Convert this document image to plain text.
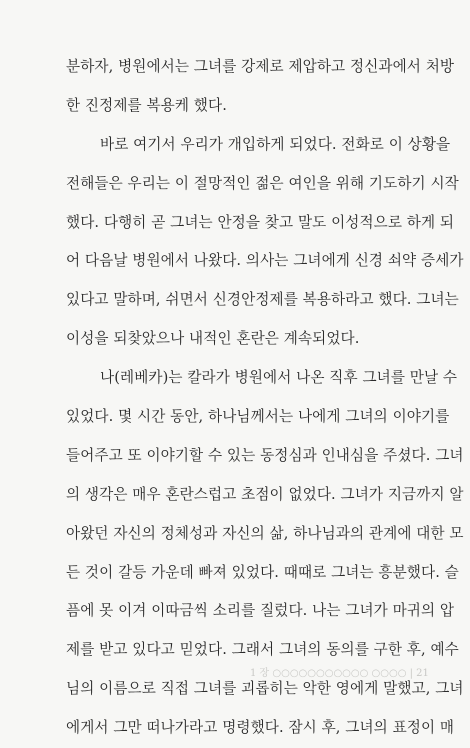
분하자, 병원에서는 그녀를 강제로 제압하고 정신과에서 처방
한 진정제를 복용케 했다.
바로 여기서 우리가 개입하게 되었다. 전화로 이 상황을
전해들은 우리는 이 절망적인 젊은 여인을 위해 기도하기 시작
했다. 다행히 곧 그녀는 안정을 찾고 말도 이성적으로 하게 되
어 다음날 병원에서 나왔다. 의사는 그녀에게 신경 쇠약 증세가
있다고 말하며, 쉬면서 신경안정제를 복용하라고 했다. 그녀는
이성을 되찾았으나 내적인 혼란은 계속되었다.
나(레베카)는 칼라가 병원에서 나온 직후 그녀를 만날 수
있었다. 몇 시간 동안, 하나님께서는 나에게 그녀의 이야기를
들어주고 또 이야기할 수 있는 동정심과 인내심을 주셨다. 그녀
의 생각은 매우 혼란스럽고 초점이 없었다. 그녀가 지금까지 알
아왔던 자신의 정체성과 자신의 삶, 하나님과의 관계에 대한 모
든 것이 갈등 가운데 빠져 있었다. 때때로 그녀는 흥분했다. 슬
픔에 못 이겨 이따금씩 소리를 질렀다. 나는 그녀가 마귀의 압
제를 받고 있다고 믿었다. 그래서 그녀의 동의를 구한 후, 예수
님의 이름으로 직접 그녀를 괴롭히는 악한 영에게 말했고, 그녀
에게서 그만 떠나가라고 명령했다. 잠시 후, 그녀의 표정이 매
1 장 ○○○○○○○○○○○ ○○○○ | 21
